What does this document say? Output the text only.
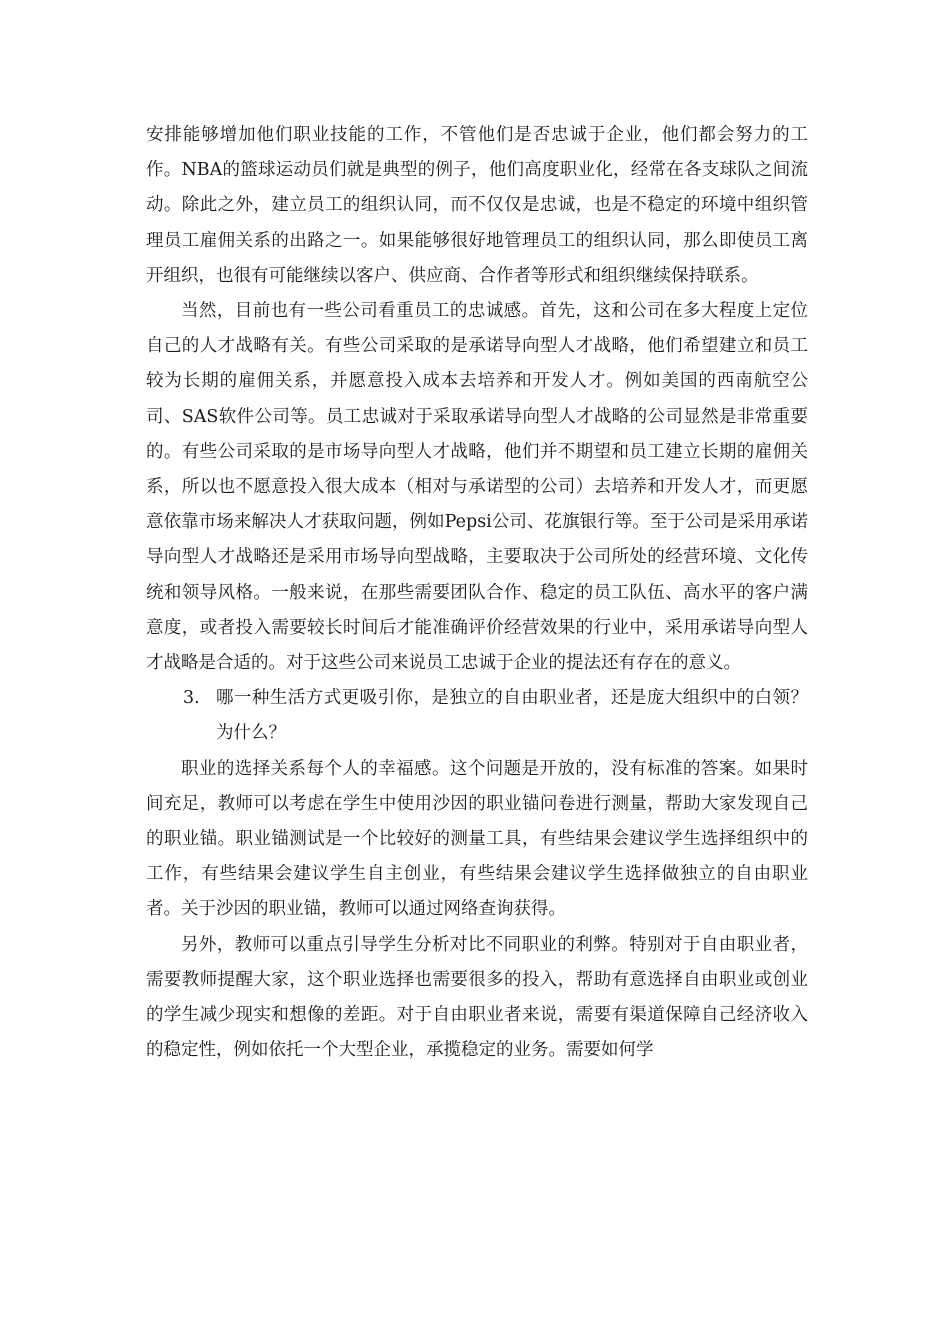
安排能够增加他们职业技能的工作，不管他们是否忠诚于企业，他们都会努力的工作。NBA的篮球运动员们就是典型的例子，他们高度职业化，经常在各支球队之间流动。除此之外，建立员工的组织认同，而不仅仅是忠诚，也是不稳定的环境中组织管理员工雇佣关系的出路之一。如果能够很好地管理员工的组织认同，那么即使员工离开组织，也很有可能继续以客户、供应商、合作者等形式和组织继续保持联系。

当然，目前也有一些公司看重员工的忠诚感。首先，这和公司在多大程度上定位自己的人才战略有关。有些公司采取的是承诺导向型人才战略，他们希望建立和员工较为长期的雇佣关系，并愿意投入成本去培养和开发人才。例如美国的西南航空公司、SAS软件公司等。员工忠诚对于采取承诺导向型人才战略的公司显然是非常重要的。有些公司采取的是市场导向型人才战略，他们并不期望和员工建立长期的雇佣关系，所以也不愿意投入很大成本（相对与承诺型的公司）去培养和开发人才，而更愿意依靠市场来解决人才获取问题，例如Pepsi公司、花旗银行等。至于公司是采用承诺导向型人才战略还是采用市场导向型战略，主要取决于公司所处的经营环境、文化传统和领导风格。一般来说，在那些需要团队合作、稳定的员工队伍、高水平的客户满意度，或者投入需要较长时间后才能准确评价经营效果的行业中，采用承诺导向型人才战略是合适的。对于这些公司来说员工忠诚于企业的提法还有存在的意义。

3. 哪一种生活方式更吸引你，是独立的自由职业者，还是庞大组织中的白领？为什么？

职业的选择关系每个人的幸福感。这个问题是开放的，没有标准的答案。如果时间充足，教师可以考虑在学生中使用沙因的职业锚问卷进行测量，帮助大家发现自己的职业锚。职业锚测试是一个比较好的测量工具，有些结果会建议学生选择组织中的工作，有些结果会建议学生自主创业，有些结果会建议学生选择做独立的自由职业者。关于沙因的职业锚，教师可以通过网络查询获得。

另外，教师可以重点引导学生分析对比不同职业的利弊。特别对于自由职业者，需要教师提醒大家，这个职业选择也需要很多的投入，帮助有意选择自由职业或创业的学生减少现实和想像的差距。对于自由职业者来说，需要有渠道保障自己经济收入的稳定性，例如依托一个大型企业，承揽稳定的业务。需要如何学
